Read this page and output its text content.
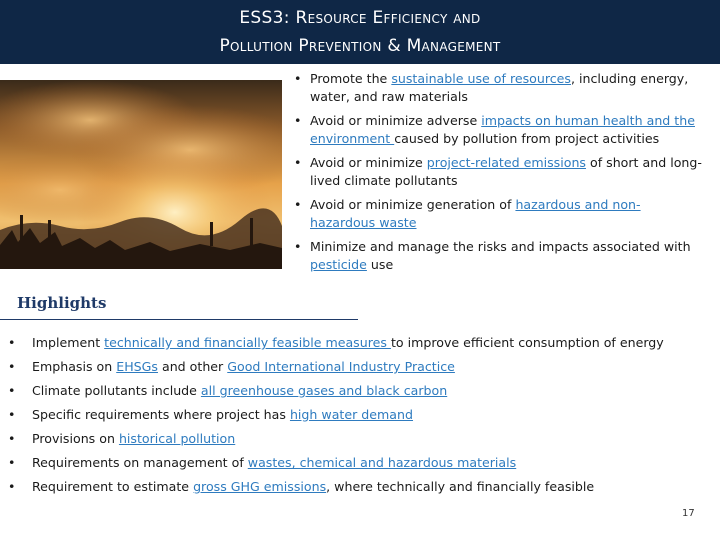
ESS3: Resource Efficiency and
Pollution Prevention & Management
• Promote the sustainable use of resources, including energy, water, and raw materials
• Avoid or minimize adverse impacts on human health and the environment caused by pollution from project activities
• Avoid or minimize project-related emissions of short and long-lived climate pollutants
• Avoid or minimize generation of hazardous and non-hazardous waste
• Minimize and manage the risks and impacts associated with pesticide use
Highlights
• Implement technically and financially feasible measures to improve efficient consumption of energy
• Emphasis on EHSGs and other Good International Industry Practice
• Climate pollutants include all greenhouse gases and black carbon
• Specific requirements where project has high water demand
• Provisions on historical pollution
• Requirements on management of wastes, chemical and hazardous materials
• Requirement to estimate gross GHG emissions, where technically and financially feasible
17
